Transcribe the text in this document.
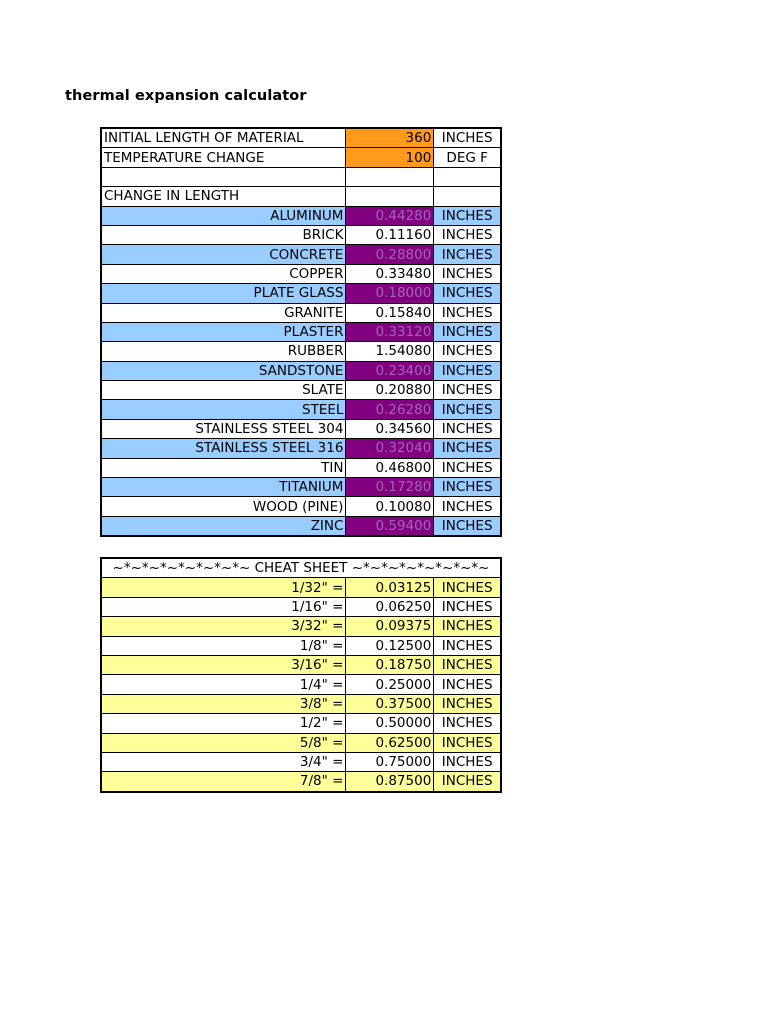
thermal expansion calculator
INITIAL LENGTH OF MATERIAL	360	INCHES
TEMPERATURE CHANGE	100	DEG F

CHANGE IN LENGTH		
ALUMINUM	0.44280	INCHES
BRICK	0.11160	INCHES
CONCRETE	0.28800	INCHES
COPPER	0.33480	INCHES
PLATE GLASS	0.18000	INCHES
GRANITE	0.15840	INCHES
PLASTER	0.33120	INCHES
RUBBER	1.54080	INCHES
SANDSTONE	0.23400	INCHES
SLATE	0.20880	INCHES
STEEL	0.26280	INCHES
STAINLESS STEEL 304	0.34560	INCHES
STAINLESS STEEL 316	0.32040	INCHES
TIN	0.46800	INCHES
TITANIUM	0.17280	INCHES
WOOD (PINE)	0.10080	INCHES
ZINC	0.59400	INCHES
~*~*~*~*~*~*~*~ CHEAT SHEET ~*~*~*~*~*~*~*~		
1/32" =	0.03125	INCHES
1/16" =	0.06250	INCHES
3/32" =	0.09375	INCHES
1/8" =	0.12500	INCHES
3/16" =	0.18750	INCHES
1/4" =	0.25000	INCHES
3/8" =	0.37500	INCHES
1/2" =	0.50000	INCHES
5/8" =	0.62500	INCHES
3/4" =	0.75000	INCHES
7/8" =	0.87500	INCHES
